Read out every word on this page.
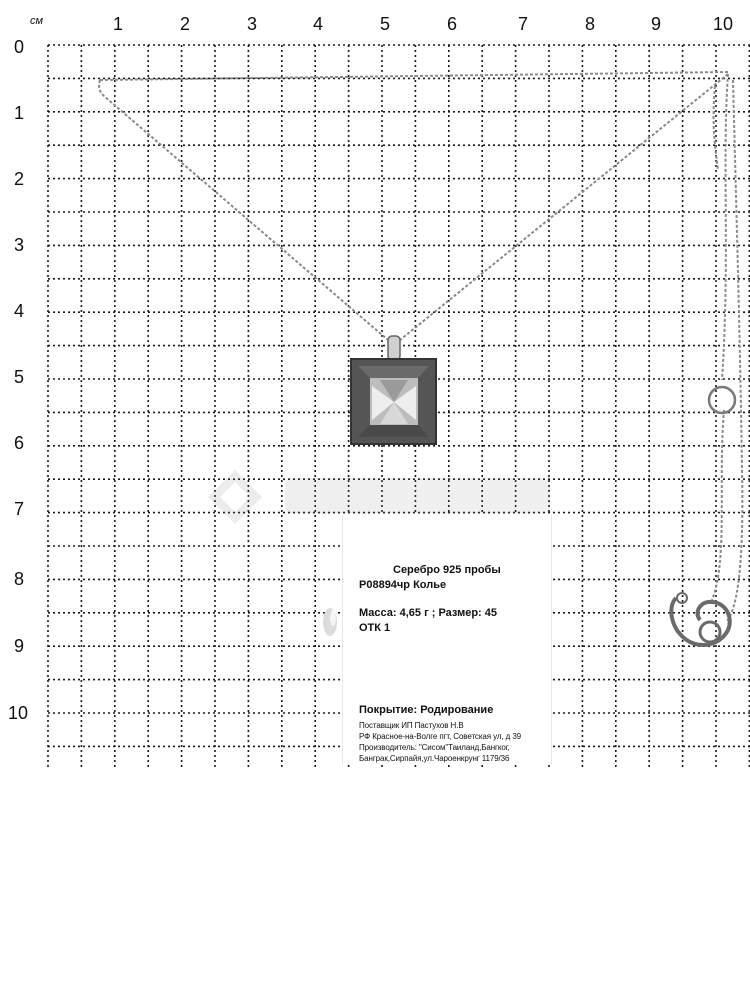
см	1	2	3	4	5	6	7	8	9	10
0
1
2
3
4
5
6
7
8
9
10
Серебро 925 пробы
Р08894чр Колье
Масса: 4,65 г ; Размер: 45
ОТК 1
Покрытие: Родирование
Поставщик ИП Пастухов Н.В
РФ Красное-на-Волге пгт, Советская ул, д 39
Производитель: "Сисом"Таиланд,Бангког,
Банграк,Сирпайя,ул.Чароенкрунг 1179/36
